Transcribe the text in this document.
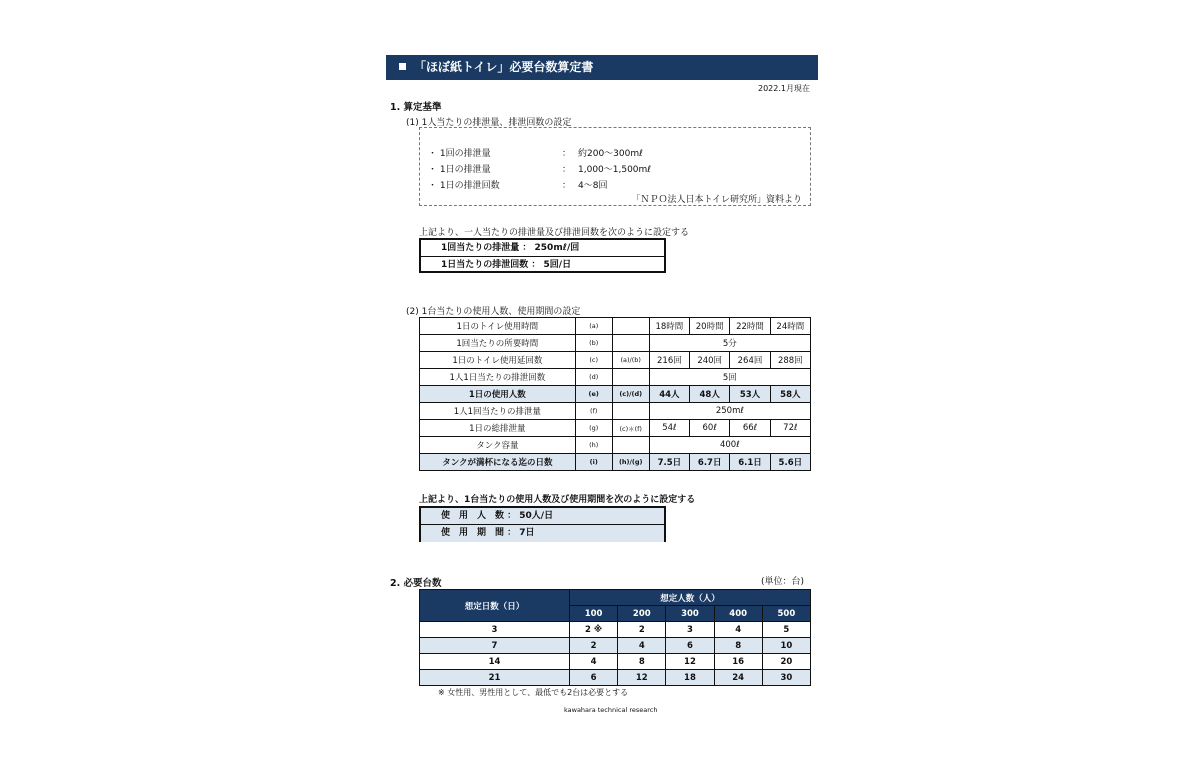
「ほぼ紙トイレ」必要台数算定書
2022.1月現在
1. 算定基準
(1) 1人当たりの排泄量、排泄回数の設定
・ 1回の排泄量	： 約200～300mℓ
・ 1日の排泄量	： 1,000～1,500mℓ
・ 1日の排泄回数	： 4～8回
「ＮＰＯ法人日本トイレ研究所」資料より
上記より、一人当たりの排泄量及び排泄回数を次のように設定する
1回当たりの排泄量 ： 250mℓ/回
1日当たりの排泄回数 ： 5回/日
(2) 1台当たりの使用人数、使用期間の設定
1日のトイレ使用時間	(a)		18時間	20時間	22時間	24時間
1回当たりの所要時間	(b)		5分			
1日のトイレ使用延回数	(c)	(a)/(b)	216回	240回	264回	288回
1人1日当たりの排泄回数	(d)		5回			
1日の使用人数	(e)	(c)/(d)	44人	48人	53人	58人
1人1回当たりの排泄量	(f)		250mℓ			
1日の総排泄量	(g)	(c)＊(f)	54ℓ	60ℓ	66ℓ	72ℓ
タンク容量	(h)		400ℓ			
タンクが満杯になる迄の日数	(i)	(h)/(g)	7.5日	6.7日	6.1日	5.6日
上記より、1台当たりの使用人数及び使用期間を次のように設定する
使　用　人　数 ： 50人/日
使　用　期　間 ： 7日
2. 必要台数	(単位：台)
想定日数（日）	想定人数（人）				
	100	200	300	400	500
3	2 ※	2	3	4	5
7	2	4	6	8	10
14	4	8	12	16	20
21	6	12	18	24	30
※ 女性用、男性用として、最低でも2台は必要とする
kawahara technical research
